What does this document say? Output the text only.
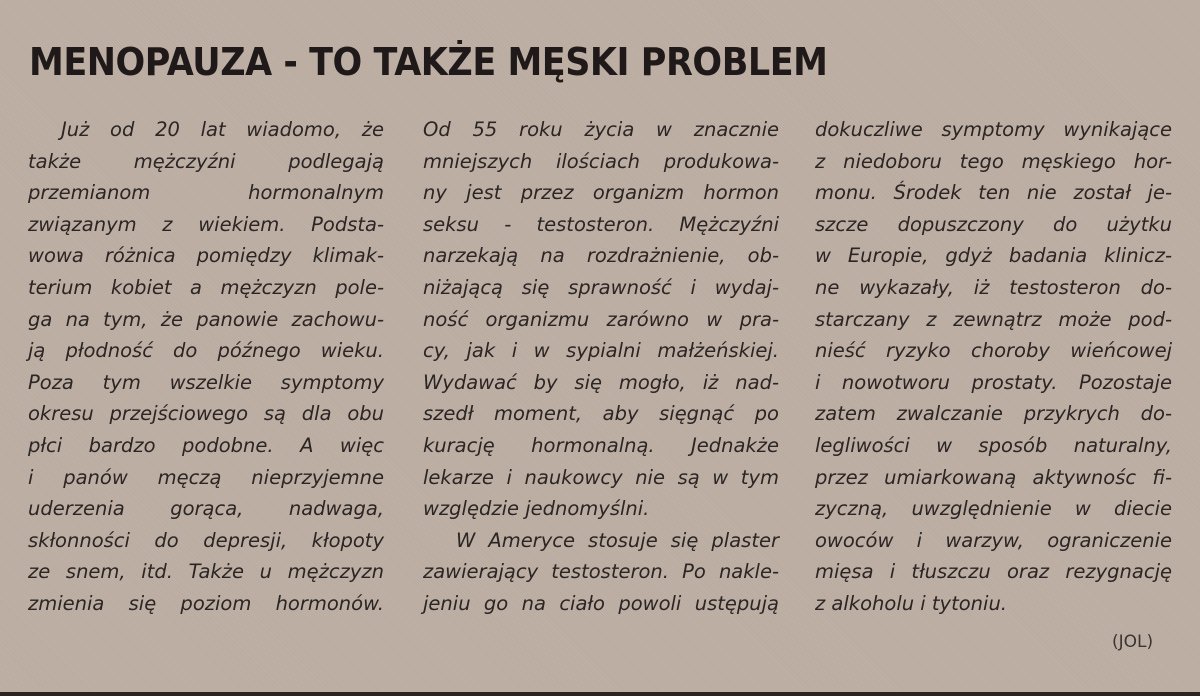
MENOPAUZA - TO TAKŻE MĘSKI PROBLEM
Już od 20 lat wiadomo, że
także mężczyźni podlegają
przemianom hormonalnym
związanym z wiekiem. Podsta-
wowa różnica pomiędzy klimak-
terium kobiet a mężczyzn pole-
ga na tym, że panowie zachowu-
ją płodność do późnego wieku.
Poza tym wszelkie symptomy
okresu przejściowego są dla obu
płci bardzo podobne. A więc
i panów męczą nieprzyjemne
uderzenia gorąca, nadwaga,
skłonności do depresji, kłopoty
ze snem, itd. Także u mężczyzn
zmienia się poziom hormonów.
Od 55 roku życia w znacznie
mniejszych ilościach produkowa-
ny jest przez organizm hormon
seksu - testosteron. Mężczyźni
narzekają na rozdrażnienie, ob-
niżającą się sprawność i wydaj-
ność organizmu zarówno w pra-
cy, jak i w sypialni małżeńskiej.
Wydawać by się mogło, iż nad-
szedł moment, aby sięgnąć po
kurację hormonalną. Jednakże
lekarze i naukowcy nie są w tym
względzie jednomyślni.
W Ameryce stosuje się plaster
zawierający testosteron. Po nakle-
jeniu go na ciało powoli ustępują
dokuczliwe symptomy wynikające
z niedoboru tego męskiego hor-
monu. Środek ten nie został je-
szcze dopuszczony do użytku
w Europie, gdyż badania klinicz-
ne wykazały, iż testosteron do-
starczany z zewnątrz może pod-
nieść ryzyko choroby wieńcowej
i nowotworu prostaty. Pozostaje
zatem zwalczanie przykrych do-
legliwości w sposób naturalny,
przez umiarkowaną aktywnośc fi-
zyczną, uwzględnienie w diecie
owoców i warzyw, ograniczenie
mięsa i tłuszczu oraz rezygnację
z alkoholu i tytoniu.
(JOL)
